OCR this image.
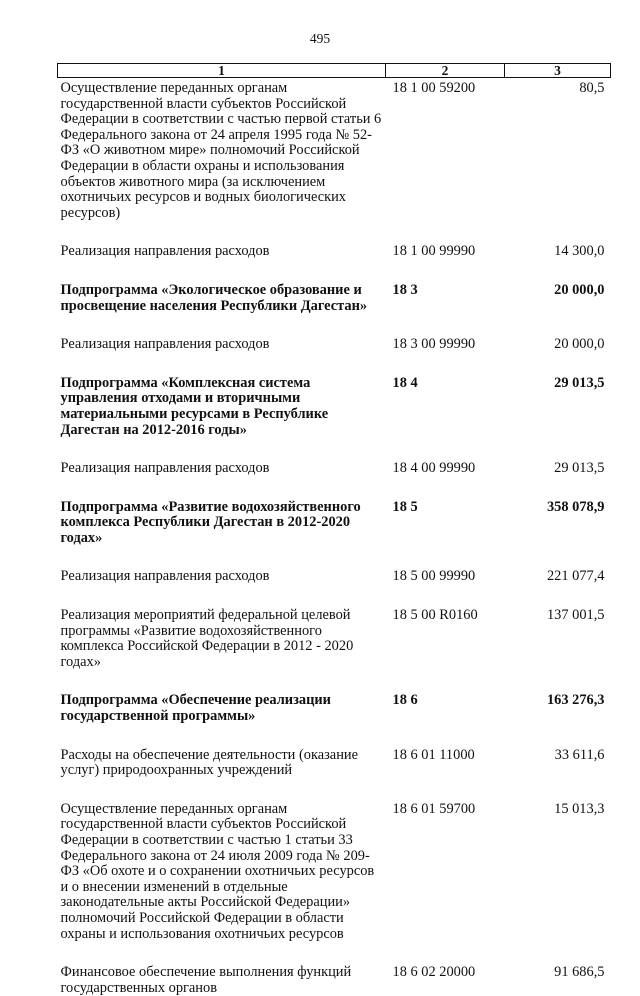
495
1	2	3
Осуществление переданных органам государственной власти субъектов Российской Федерации в соответствии с частью первой статьи 6 Федерального закона от 24 апреля 1995 года № 52-ФЗ «О животном мире» полномочий Российской Федерации в области охраны и использования объектов животного мира (за исключением охотничьих ресурсов и водных биологических ресурсов)	18 1 00 59200	80,5
Реализация направления расходов	18 1 00 99990	14 300,0
Подпрограмма «Экологическое образование и просвещение населения Республики Дагестан»	18 3	20 000,0
Реализация направления расходов	18 3 00 99990	20 000,0
Подпрограмма «Комплексная система управления отходами и вторичными материальными ресурсами в Республике Дагестан на 2012-2016 годы»	18 4	29 013,5
Реализация направления расходов	18 4 00 99990	29 013,5
Подпрограмма «Развитие водохозяйственного комплекса Республики Дагестан в 2012-2020 годах»	18 5	358 078,9
Реализация направления расходов	18 5 00 99990	221 077,4
Реализация мероприятий федеральной целевой программы «Развитие водохозяйственного комплекса Российской Федерации в 2012 - 2020 годах»	18 5 00 R0160	137 001,5
Подпрограмма «Обеспечение реализации государственной программы»	18 6	163 276,3
Расходы на обеспечение деятельности (оказание услуг) природоохранных учреждений	18 6 01 11000	33 611,6
Осуществление переданных органам государственной власти субъектов Российской Федерации в соответствии с частью 1 статьи 33 Федерального закона от 24 июля 2009 года № 209-ФЗ «Об охоте и о сохранении охотничьих ресурсов и о внесении изменений в отдельные законодательные акты Российской Федерации» полномочий Российской Федерации в области охраны и использования охотничьих ресурсов	18 6 01 59700	15 013,3
Финансовое обеспечение выполнения функций государственных органов	18 6 02 20000	91 686,5
